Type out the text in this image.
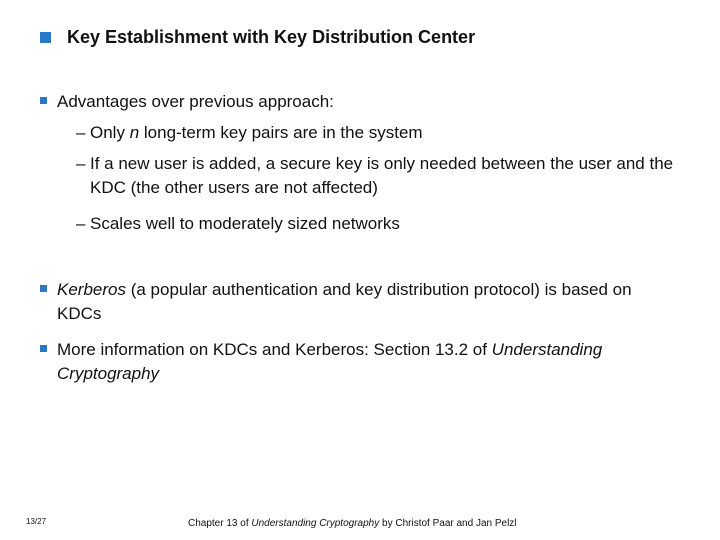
Key Establishment with Key Distribution Center
Advantages over previous approach:
– Only n long-term key pairs are in the system
– If a new user is added, a secure key is only needed between the user and the KDC (the other users are not affected)
– Scales well to moderately sized networks
Kerberos (a popular authentication and key distribution protocol) is based on KDCs
More information on KDCs and Kerberos: Section 13.2 of Understanding Cryptography
13/27	Chapter 13 of Understanding Cryptography by Christof Paar and Jan Pelzl
